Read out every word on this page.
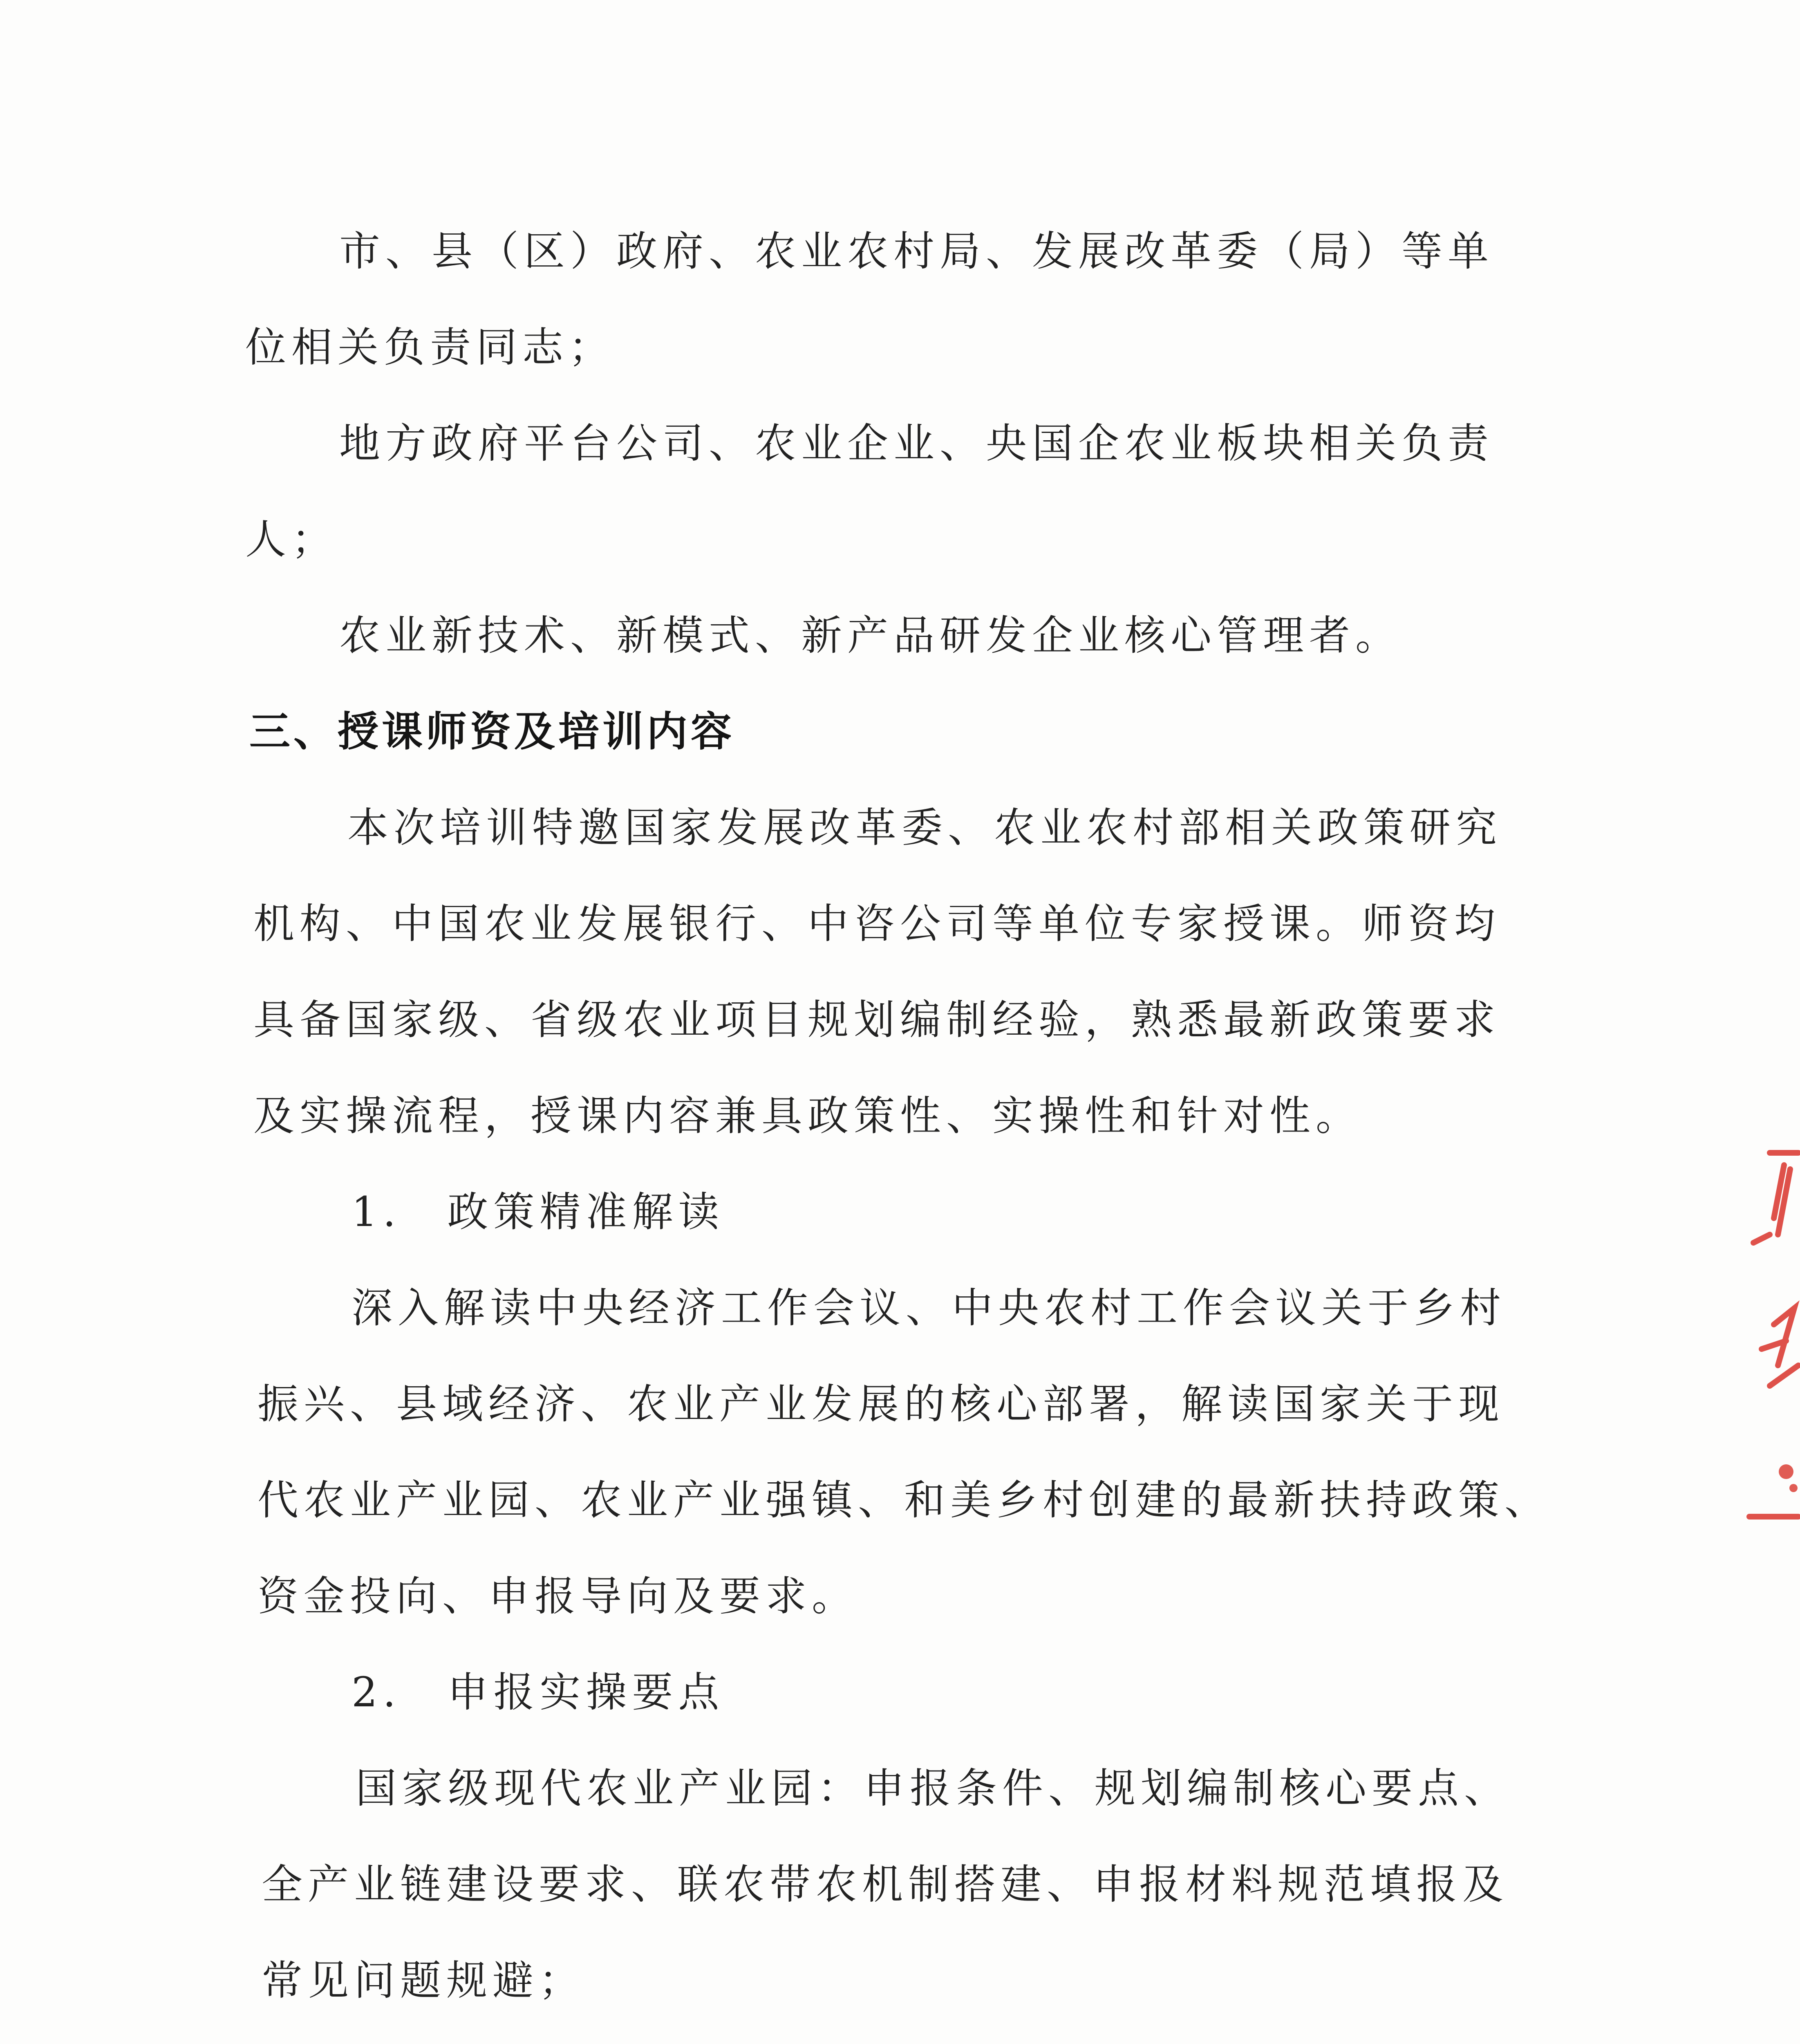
市、县（区）政府、农业农村局、发展改革委（局）等单
位相关负责同志；
地方政府平台公司、农业企业、央国企农业板块相关负责
人；
农业新技术、新模式、新产品研发企业核心管理者。
三、授课师资及培训内容
本次培训特邀国家发展改革委、农业农村部相关政策研究
机构、中国农业发展银行、中咨公司等单位专家授课。师资均
具备国家级、省级农业项目规划编制经验，熟悉最新政策要求
及实操流程，授课内容兼具政策性、实操性和针对性。
1.　政策精准解读
深入解读中央经济工作会议、中央农村工作会议关于乡村
振兴、县域经济、农业产业发展的核心部署，解读国家关于现
代农业产业园、农业产业强镇、和美乡村创建的最新扶持政策、
资金投向、申报导向及要求。
2.　申报实操要点
国家级现代农业产业园：申报条件、规划编制核心要点、
全产业链建设要求、联农带农机制搭建、申报材料规范填报及
常见问题规避；
